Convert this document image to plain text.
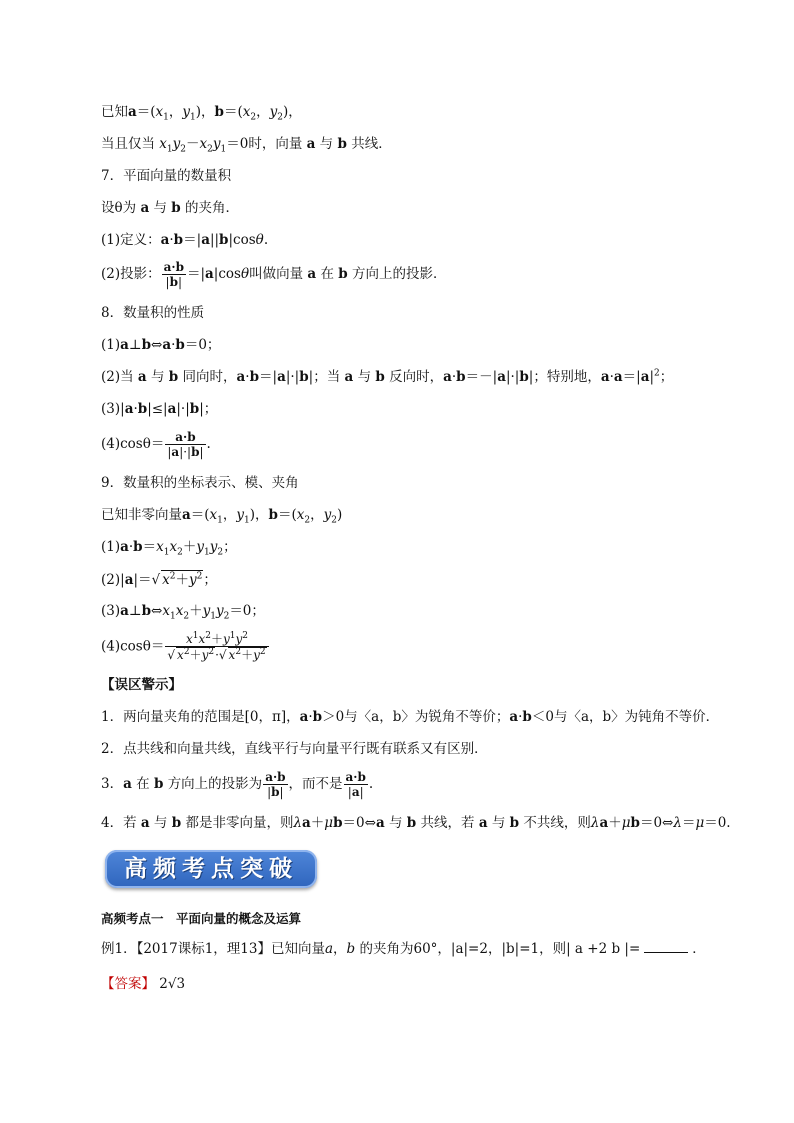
已知$a=(x_1$，$y_1$)，$b=(x_2$，$y_2$)，
当且仅当 $x_1y_2-x_2y_1=0$时，向量 a 与 b 共线．
7．平面向量的数量积
设θ为 a 与 b 的夹角．
(1)定义：a·b＝|a||b|cosθ.
(2)投影： $\frac{a\cdot b}{|b|} =|a|\cos\theta$叫做向量 a 在 b 方向上的投影．
8．数量积的性质
(1)a⊥b⇔a·b＝0；
(2)当 a 与 b 同向时，a·b＝|a|·|b|；当 a 与 b 反向时，a·b＝－|a|·|b|；特别地，$a\cdot a=|a|^2$；
(3)|a·b|≤|a|·|b|；
$(4)\cos\theta= \frac{a\cdot b}{|a|\cdot|b|}$ .
9．数量积的坐标表示、模、夹角
已知非零向量$a=(x_1$，$y_1$)，$b=(x_2$，$y_2$)
$(1)a\cdot b=x_1x_2+y_1y_2$；
(2)|a|＝√ $x^2+y^2$；
$(3)a\perp b\Leftrightarrow x_1x_2+y_1y_2=0$；
$(4)\cos\theta= \frac{x^1x^2+y^1y^2}{√ x^2+y^2\cdot√ x^2+y^2}$
【误区警示】
1．两向量夹角的范围是[0，π]，a·b＞0与〈a，b〉为锐角不等价；a·b＜0与〈a，b〉为钝角不等价．
2．点共线和向量共线，直线平行与向量平行既有联系又有区别．
3．a 在 b 方向上的投影为 $\frac{a\cdot b}{|b|}$ ，而不是 $\frac{a\cdot b}{|a|}$ .
4．若 a 与 b 都是非零向量，则λa＋μb＝0⇔a 与 b 共线，若 a 与 b 不共线，则λa＋μb＝0⇔λ＝μ＝0.
高频考点突破
高频考点一　平面向量的概念及运算
例1．【2017课标1，理13】已知向量a，b 的夹角为60°，|a|=2，|b|=1，则| a +2 b |=	．
【答案】 2√3
